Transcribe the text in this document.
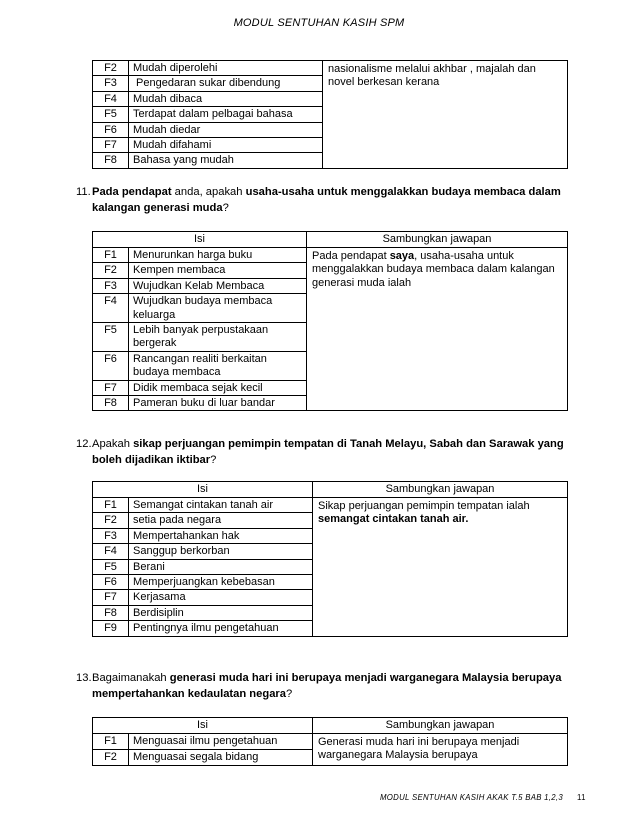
MODUL SENTUHAN KASIH SPM
F2	Mudah diperolehi	nasionalisme melalui akhbar , majalah dan novel berkesan kerana
F3	Pengedaran sukar dibendung	
F4	Mudah dibaca	
F5	Terdapat dalam pelbagai bahasa	
F6	Mudah diedar	
F7	Mudah difahami	
F8	Bahasa yang mudah	
11.Pada pendapat anda, apakah usaha-usaha untuk menggalakkan budaya membaca dalam
kalangan generasi muda?
Isi		Sambungkan jawapan
F1	Menurunkan harga buku	Pada pendapat saya, usaha-usaha untuk menggalakkan budaya membaca dalam kalangan generasi muda ialah
F2	Kempen membaca	
F3	Wujudkan Kelab Membaca	
F4	Wujudkan budaya membaca keluarga	
F5	Lebih banyak perpustakaan bergerak	
F6	Rancangan realiti berkaitan budaya membaca	
F7	Didik membaca sejak kecil	
F8	Pameran buku di luar bandar	
12.Apakah sikap perjuangan pemimpin tempatan di Tanah Melayu, Sabah dan Sarawak yang
boleh dijadikan iktibar?
Isi		Sambungkan jawapan
F1	Semangat cintakan tanah air	Sikap perjuangan pemimpin tempatan ialah semangat cintakan tanah air.
F2	setia pada negara	
F3	Mempertahankan hak	
F4	Sanggup berkorban	
F5	Berani	
F6	Memperjuangkan kebebasan	
F7	Kerjasama	
F8	Berdisiplin	
F9	Pentingnya ilmu pengetahuan	
13.Bagaimanakah generasi muda hari ini berupaya menjadi warganegara Malaysia berupaya
mempertahankan kedaulatan negara?
Isi		Sambungkan jawapan
F1	Menguasai ilmu pengetahuan	Generasi muda hari ini berupaya menjadi warganegara Malaysia berupaya
F2	Menguasai segala bidang	
MODUL SENTUHAN KASIH AKAK T.5 BAB 1,2,3 11
